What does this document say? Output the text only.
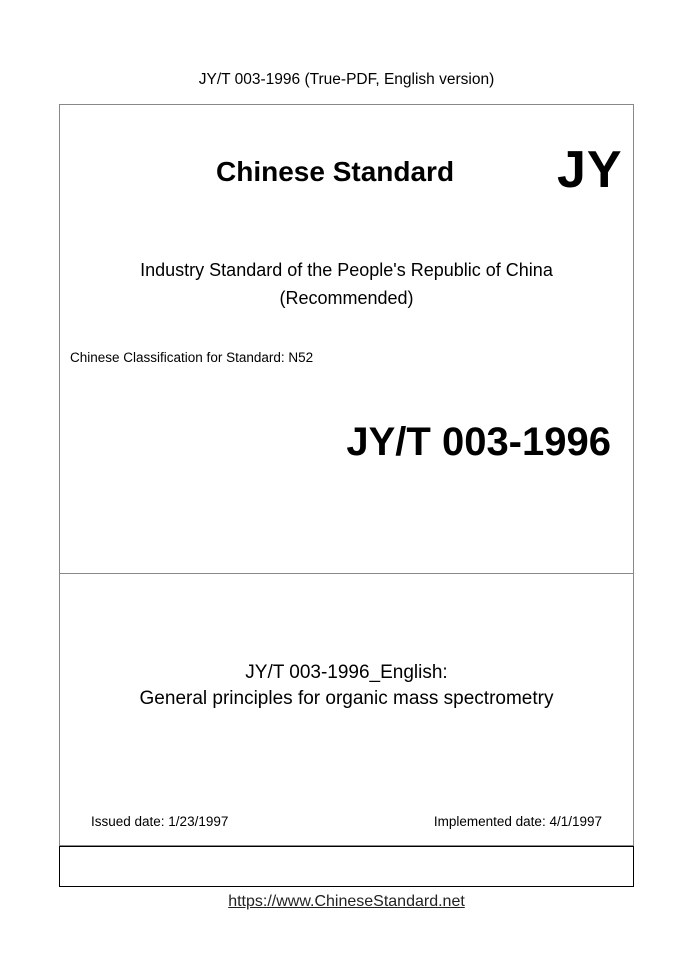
JY/T 003-1996 (True-PDF, English version)
Chinese Standard JY
Industry Standard of the People's Republic of China
(Recommended)
Chinese Classification for Standard: N52
JY/T 003-1996
JY/T 003-1996_English:
General principles for organic mass spectrometry
Issued date: 1/23/1997	Implemented date: 4/1/1997
https://www.ChineseStandard.net
